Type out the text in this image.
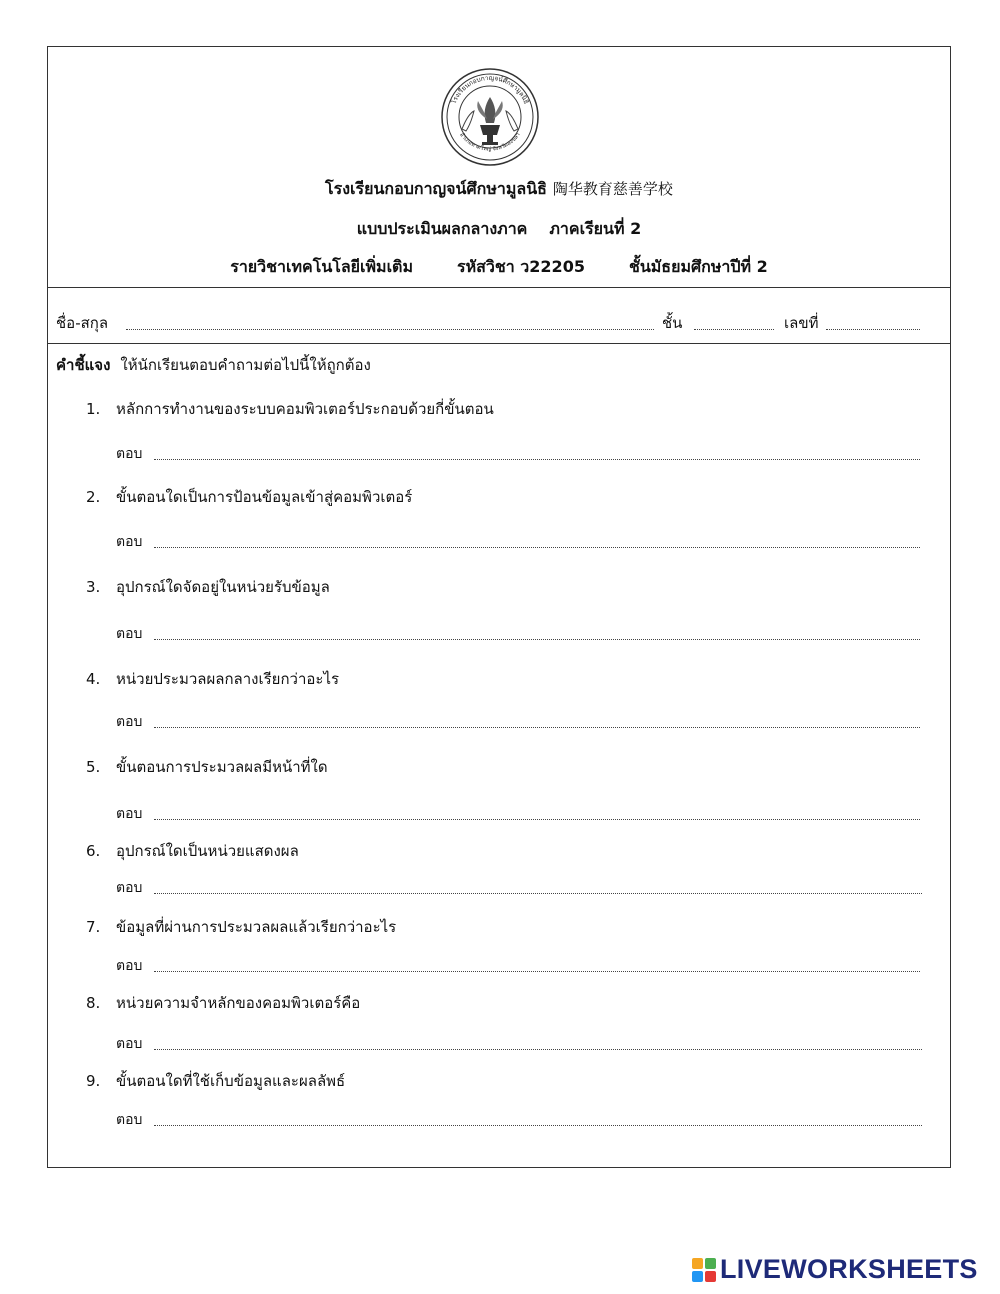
โรงเรียนกอบกาญจน์ศึกษามูลนิธิ
อำเภอหาดใหญ่ จังหวัดสงขลา
โรงเรียนกอบกาญจน์ศึกษามูลนิธิ 陶华教育慈善学校
แบบประเมินผลกลางภาค ภาคเรียนที่ 2
รายวิชาเทคโนโลยีเพิ่มเติม	รหัสวิชา ว22205	ชั้นมัธยมศึกษาปีที่ 2
ชื่อ-สกุล	ชั้น	เลขที่
คำชี้แจง ให้นักเรียนตอบคำถามต่อไปนี้ให้ถูกต้อง
1. หลักการทำงานของระบบคอมพิวเตอร์ประกอบด้วยกี่ขั้นตอน
ตอบ
2. ขั้นตอนใดเป็นการป้อนข้อมูลเข้าสู่คอมพิวเตอร์
ตอบ
3. อุปกรณ์ใดจัดอยู่ในหน่วยรับข้อมูล
ตอบ
4. หน่วยประมวลผลกลางเรียกว่าอะไร
ตอบ
5. ขั้นตอนการประมวลผลมีหน้าที่ใด
ตอบ
6. อุปกรณ์ใดเป็นหน่วยแสดงผล
ตอบ
7. ข้อมูลที่ผ่านการประมวลผลแล้วเรียกว่าอะไร
ตอบ
8. หน่วยความจำหลักของคอมพิวเตอร์คือ
ตอบ
9. ขั้นตอนใดที่ใช้เก็บข้อมูลและผลลัพธ์
ตอบ
LIVEWORKSHEETS
